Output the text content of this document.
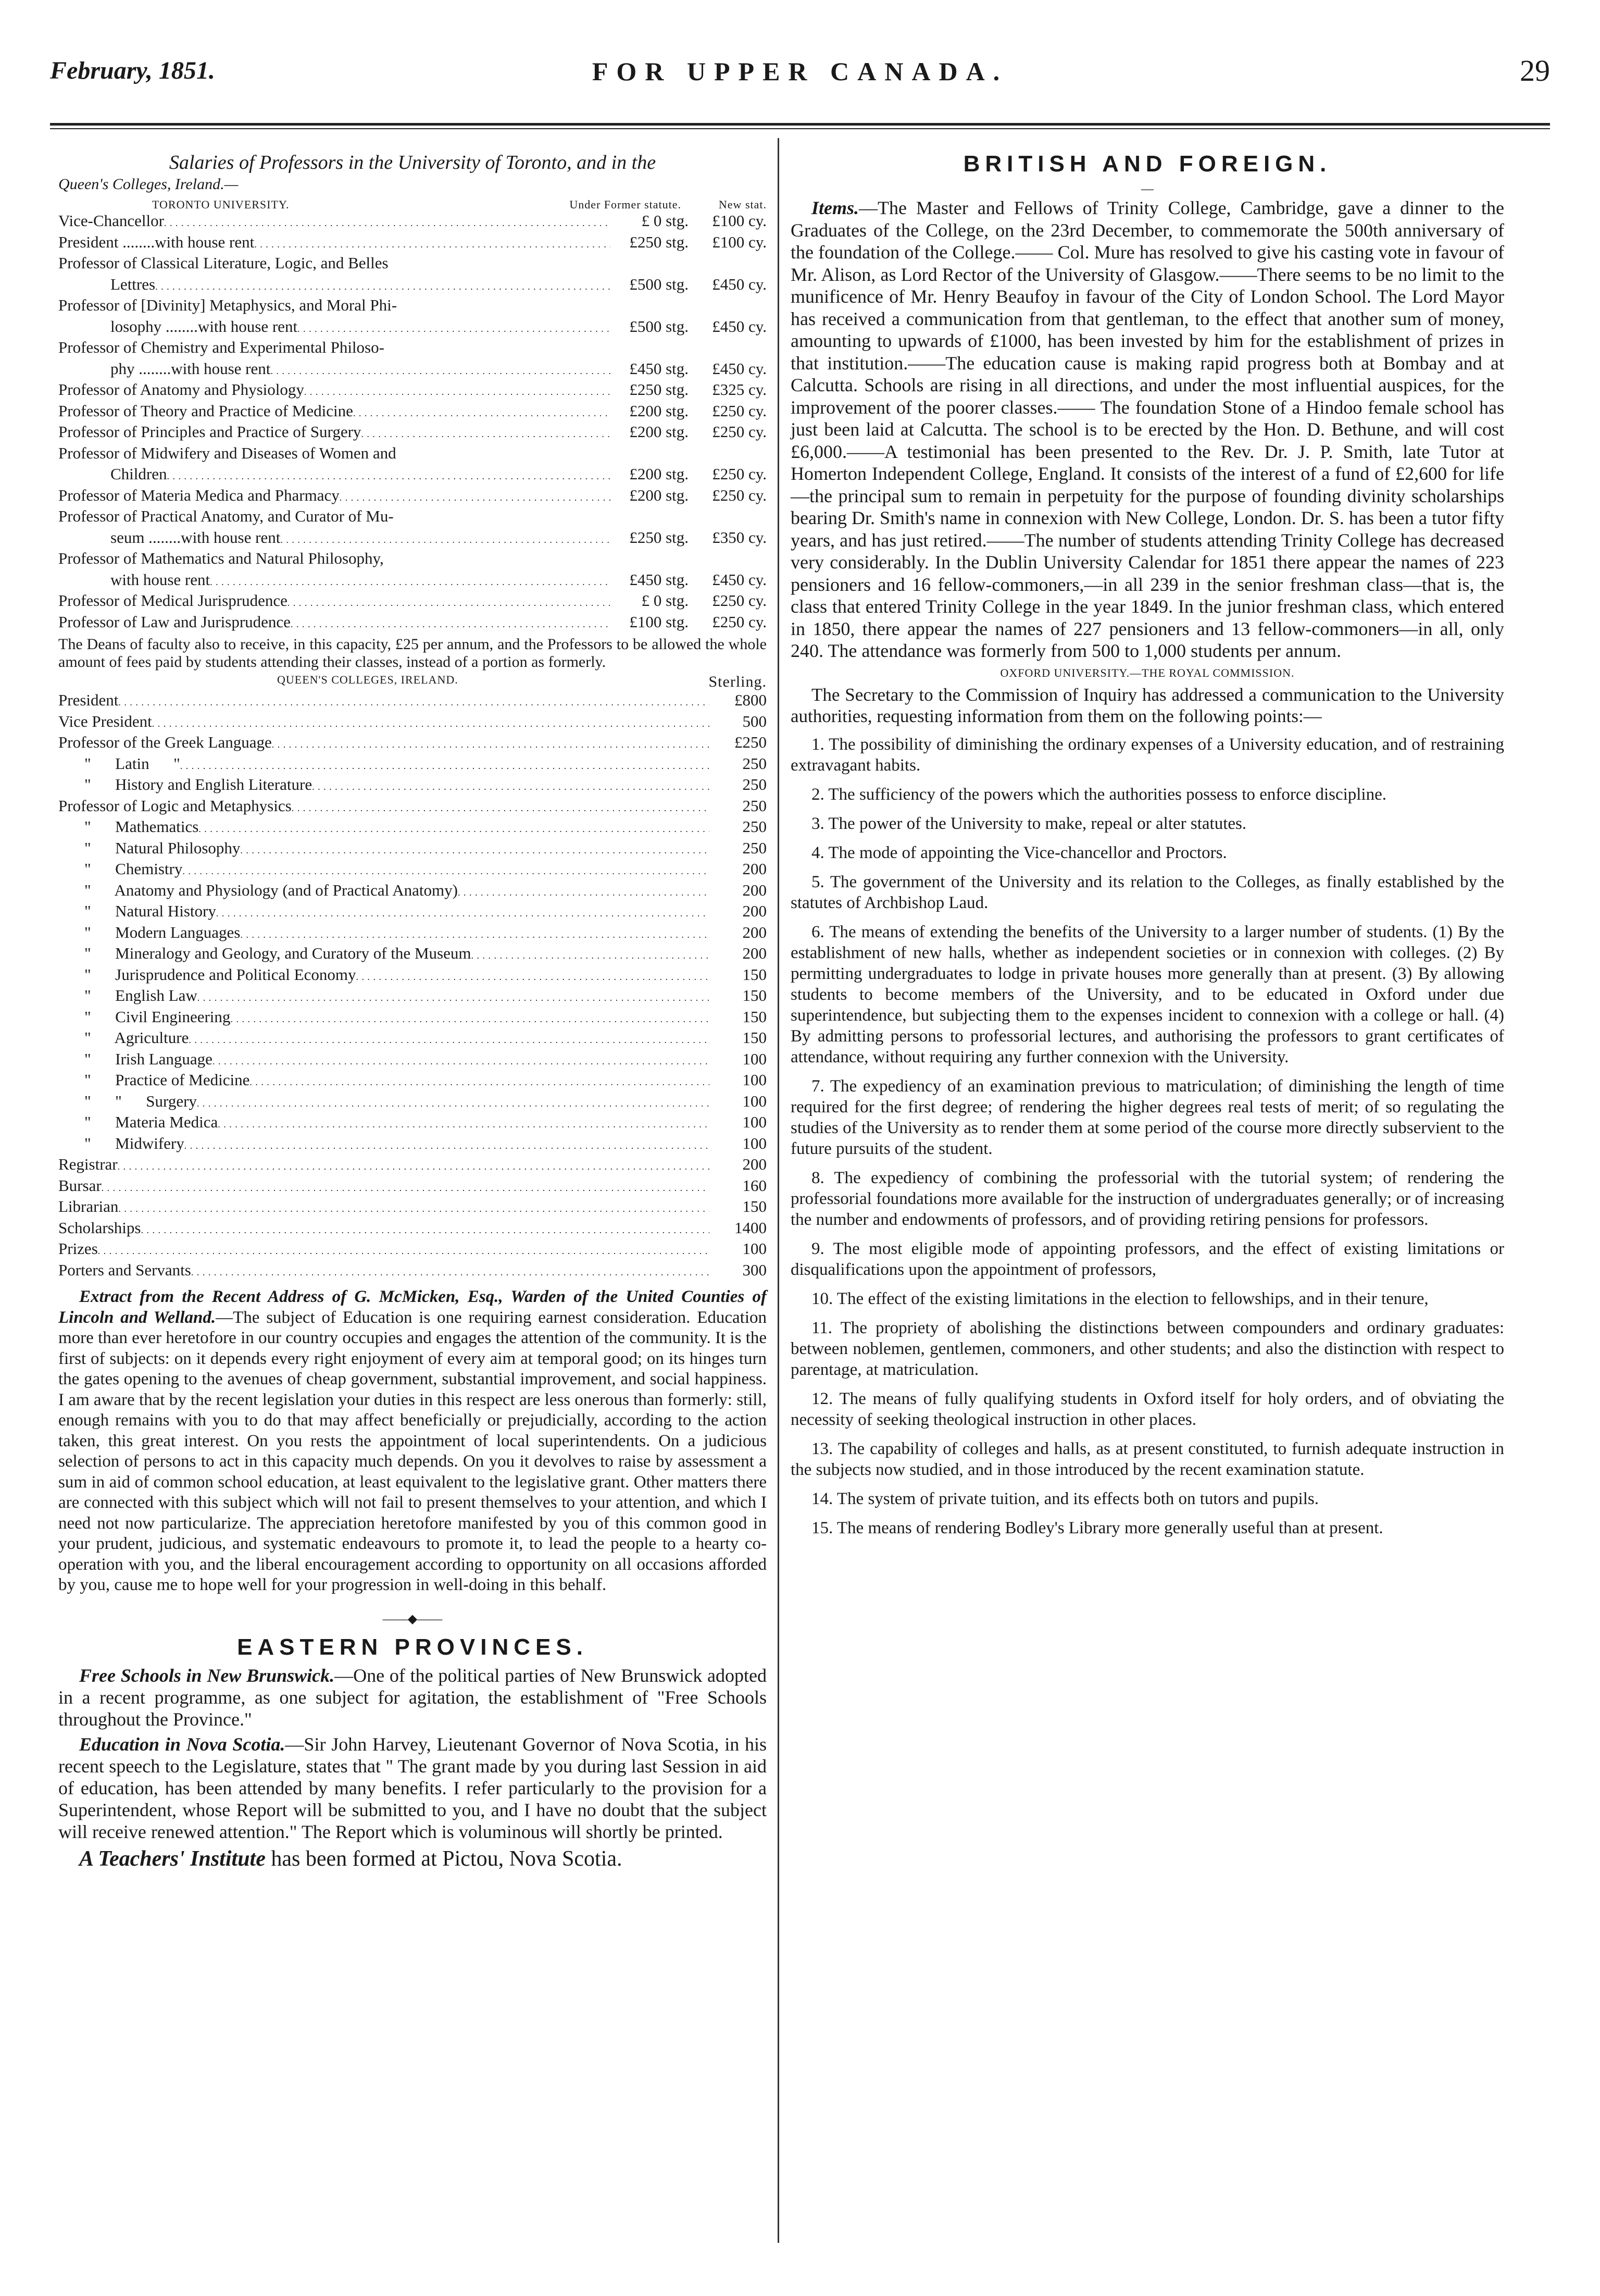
February, 1851.	FOR UPPER CANADA.	29
Salaries of Professors in the University of Toronto, and in the
Queen's Colleges, Ireland.—
TORONTO UNIVERSITY.	Under Former statute.	New stat.
Vice-Chancellor . . .	£ 0 stg.	£100 cy.
President ........with house rent . . .	£250 stg.	£100 cy.
Professor of Classical Literature, Logic, and Belles
Lettres . . .	£500 stg.	£450 cy.
Professor of [Divinity] Metaphysics, and Moral Phi-
losophy ........with house rent . . .	£500 stg.	£450 cy.
Professor of Chemistry and Experimental Philoso-
phy ........with house rent . . .	£450 stg.	£450 cy.
Professor of Anatomy and Physiology . . .	£250 stg.	£325 cy.
Professor of Theory and Practice of Medicine . . .	£200 stg.	£250 cy.
Professor of Principles and Practice of Surgery . . .	£200 stg.	£250 cy.
Professor of Midwifery and Diseases of Women and
Children . . .	£200 stg.	£250 cy.
Professor of Materia Medica and Pharmacy . . .	£200 stg.	£250 cy.
Professor of Practical Anatomy, and Curator of Mu-
seum ........with house rent . . .	£250 stg.	£350 cy.
Professor of Mathematics and Natural Philosophy,
with house rent . . .	£450 stg.	£450 cy.
Professor of Medical Jurisprudence . . .	£ 0 stg.	£250 cy.
Professor of Law and Jurisprudence . . .	£100 stg.	£250 cy.

The Deans of faculty also to receive, in this capacity, £25 per annum, and the Professors to be allowed the whole amount of fees paid by students attending their classes, instead of a portion as formerly.

QUEEN'S COLLEGES, IRELAND.	Sterling.
President . . .	£800
Vice President . . .	500
Professor of the Greek Language . . .	£250
"      Latin      " . . .	250
"      History and English Literature . . .	250
Professor of Logic and Metaphysics . . .	250
"      Mathematics . . .	250
"      Natural Philosophy . . .	250
"      Chemistry . . .	200
"      Anatomy and Physiology (and of Practical Anatomy) . . .	200
"      Natural History . . .	200
"      Modern Languages . . .	200
"      Mineralogy and Geology, and Curatory of the Museum . . .	200
"      Jurisprudence and Political Economy . . .	150
"      English Law . . .	150
"      Civil Engineering . . .	150
"      Agriculture . . .	150
"      Irish Language . . .	100
"      Practice of Medicine . . .	100
"      "      Surgery . . .	100
"      Materia Medica . . .	100
"      Midwifery . . .	100
Registrar . . .	200
Bursar . . .	160
Librarian . . .	150
Scholarships . . .	1400
Prizes . . .	100
Porters and Servants . . .	300

Extract from the Recent Address of G. McMicken, Esq., Warden of the United Counties of Lincoln and Welland.—The subject of Education is one requiring earnest consideration. Education more than ever heretofore in our country occupies and engages the attention of the community. It is the first of subjects: on it depends every right enjoyment of every aim at temporal good; on its hinges turn the gates opening to the avenues of cheap government, substantial improvement, and social happiness. I am aware that by the recent legislation your duties in this respect are less onerous than formerly: still, enough remains with you to do that may affect beneficially or prejudicially, according to the action taken, this great interest. On you rests the appointment of local superintendents. On a judicious selection of persons to act in this capacity much depends. On you it devolves to raise by assessment a sum in aid of common school education, at least equivalent to the legislative grant. Other matters there are connected with this subject which will not fail to present themselves to your attention, and which I need not now particularize. The appreciation heretofore manifested by you of this common good in your prudent, judicious, and systematic endeavours to promote it, to lead the people to a hearty co-operation with you, and the liberal encouragement according to opportunity on all occasions afforded by you, cause me to hope well for your progression in well-doing in this behalf.

——◆——
EASTERN PROVINCES.

Free Schools in New Brunswick.—One of the political parties of New Brunswick adopted in a recent programme, as one subject for agitation, the establishment of "Free Schools throughout the Province."

Education in Nova Scotia.—Sir John Harvey, Lieutenant Governor of Nova Scotia, in his recent speech to the Legislature, states that " The grant made by you during last Session in aid of education, has been attended by many benefits. I refer particularly to the provision for a Superintendent, whose Report will be submitted to you, and I have no doubt that the subject will receive renewed attention." The Report which is voluminous will shortly be printed.

A Teachers' Institute has been formed at Pictou, Nova Scotia.

BRITISH AND FOREIGN.
—

Items.—The Master and Fellows of Trinity College, Cambridge, gave a dinner to the Graduates of the College, on the 23rd December, to commemorate the 500th anniversary of the foundation of the College.—— Col. Mure has resolved to give his casting vote in favour of Mr. Alison, as Lord Rector of the University of Glasgow.——There seems to be no limit to the munificence of Mr. Henry Beaufoy in favour of the City of London School. The Lord Mayor has received a communication from that gentleman, to the effect that another sum of money, amounting to upwards of £1000, has been invested by him for the establishment of prizes in that institution.——The education cause is making rapid progress both at Bombay and at Calcutta. Schools are rising in all directions, and under the most influential auspices, for the improvement of the poorer classes.—— The foundation Stone of a Hindoo female school has just been laid at Calcutta. The school is to be erected by the Hon. D. Bethune, and will cost £6,000.——A testimonial has been presented to the Rev. Dr. J. P. Smith, late Tutor at Homerton Independent College, England. It consists of the interest of a fund of £2,600 for life—the principal sum to remain in perpetuity for the purpose of founding divinity scholarships bearing Dr. Smith's name in connexion with New College, London. Dr. S. has been a tutor fifty years, and has just retired.——The number of students attending Trinity College has decreased very considerably. In the Dublin University Calendar for 1851 there appear the names of 223 pensioners and 16 fellow-commoners,—in all 239 in the senior freshman class—that is, the class that entered Trinity College in the year 1849. In the junior freshman class, which entered in 1850, there appear the names of 227 pensioners and 13 fellow-commoners—in all, only 240. The attendance was formerly from 500 to 1,000 students per annum.

OXFORD UNIVERSITY.—THE ROYAL COMMISSION.

The Secretary to the Commission of Inquiry has addressed a communication to the University authorities, requesting information from them on the following points:—

1. The possibility of diminishing the ordinary expenses of a University education, and of restraining extravagant habits.

2. The sufficiency of the powers which the authorities possess to enforce discipline.

3. The power of the University to make, repeal or alter statutes.

4. The mode of appointing the Vice-chancellor and Proctors.

5. The government of the University and its relation to the Colleges, as finally established by the statutes of Archbishop Laud.

6. The means of extending the benefits of the University to a larger number of students. (1) By the establishment of new halls, whether as independent societies or in connexion with colleges. (2) By permitting undergraduates to lodge in private houses more generally than at present. (3) By allowing students to become members of the University, and to be educated in Oxford under due superintendence, but subjecting them to the expenses incident to connexion with a college or hall. (4) By admitting persons to professorial lectures, and authorising the professors to grant certificates of attendance, without requiring any further connexion with the University.

7. The expediency of an examination previous to matriculation; of diminishing the length of time required for the first degree; of rendering the higher degrees real tests of merit; of so regulating the studies of the University as to render them at some period of the course more directly subservient to the future pursuits of the student.

8. The expediency of combining the professorial with the tutorial system; of rendering the professorial foundations more available for the instruction of undergraduates generally; or of increasing the number and endowments of professors, and of providing retiring pensions for professors.

9. The most eligible mode of appointing professors, and the effect of existing limitations or disqualifications upon the appointment of professors,

10. The effect of the existing limitations in the election to fellowships, and in their tenure,

11. The propriety of abolishing the distinctions between compounders and ordinary graduates: between noblemen, gentlemen, commoners, and other students; and also the distinction with respect to parentage, at matriculation.

12. The means of fully qualifying students in Oxford itself for holy orders, and of obviating the necessity of seeking theological instruction in other places.

13. The capability of colleges and halls, as at present constituted, to furnish adequate instruction in the subjects now studied, and in those introduced by the recent examination statute.

14. The system of private tuition, and its effects both on tutors and pupils.

15. The means of rendering Bodley's Library more generally useful than at present.
